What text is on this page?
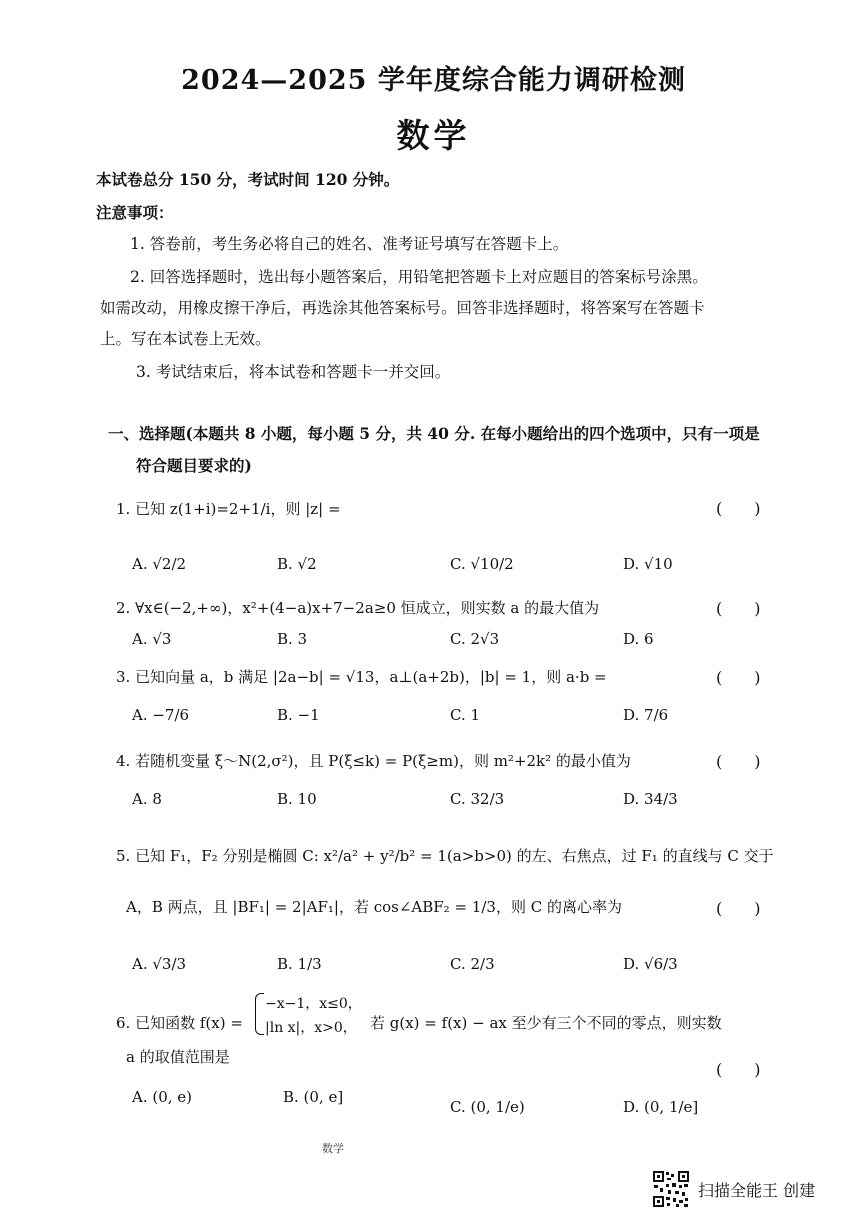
2024—2025 学年度综合能力调研检测
数学
本试卷总分 150 分，考试时间 120 分钟。
注意事项：
1. 答卷前，考生务必将自己的姓名、准考证号填写在答题卡上。
2. 回答选择题时，选出每小题答案后，用铅笔把答题卡上对应题目的答案标号涂黑。
如需改动，用橡皮擦干净后，再选涂其他答案标号。回答非选择题时，将答案写在答题卡
上。写在本试卷上无效。
3. 考试结束后，将本试卷和答题卡一并交回。
一、选择题(本题共 8 小题，每小题 5 分，共 40 分. 在每小题给出的四个选项中，只有一项是
符合题目要求的)
1. 已知 z(1+i)=2+1/i，则 |z| =	(　　)
A. √2/2	B. √2	C. √10/2	D. √10
2. ∀x∈(−2,+∞)，x²+(4−a)x+7−2a≥0 恒成立，则实数 a 的最大值为	(　　)
A. √3	B. 3	C. 2√3	D. 6
3. 已知向量 a，b 满足 |2a−b| = √13，a⊥(a+2b)，|b| = 1，则 a·b =	(　　)
A. −7/6	B. −1	C. 1	D. 7/6
4. 若随机变量 ξ～N(2,σ²)，且 P(ξ≤k) = P(ξ≥m)，则 m²+2k² 的最小值为	(　　)
A. 8	B. 10	C. 32/3	D. 34/3
5. 已知 F₁，F₂ 分别是椭圆 C: x²/a² + y²/b² = 1(a>b>0) 的左、右焦点，过 F₁ 的直线与 C 交于
A，B 两点，且 |BF₁| = 2|AF₁|，若 cos∠ABF₂ = 1/3，则 C 的离心率为	(　　)
A. √3/3	B. 1/3	C. 2/3	D. √6/3
6. 已知函数 f(x) =
−x−1，x≤0，
|ln x|，x>0， 若 g(x) = f(x) − ax 至少有三个不同的零点，则实数
a 的取值范围是
(　　)
A. (0, e)	B. (0, e]
C. (0, 1/e)	D. (0, 1/e]
数学
扫描全能王 创建
